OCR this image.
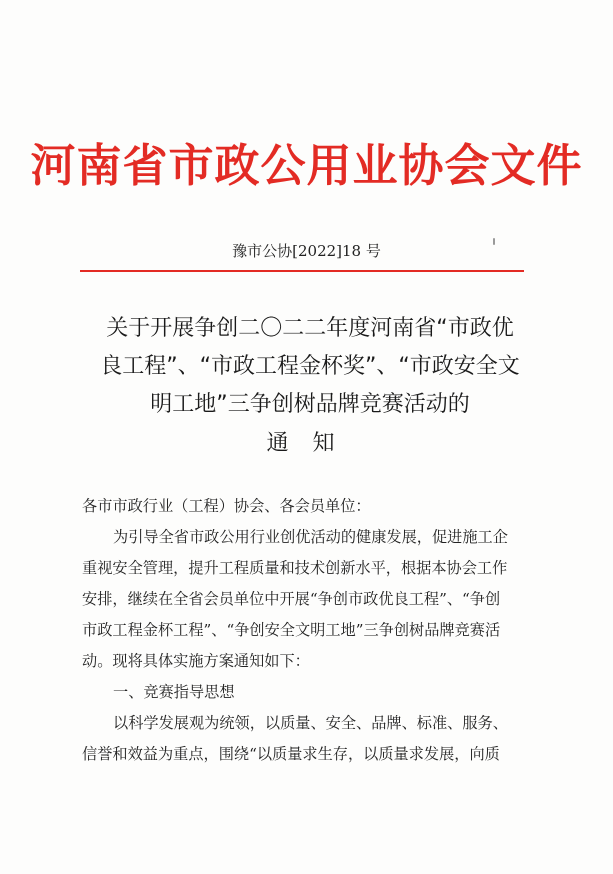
河南省市政公用业协会文件
豫市公协[2022]18 号
关于开展争创二〇二二年度河南省“市政优
良工程”、“市政工程金杯奖”、“市政安全文
明工地”三争创树品牌竞赛活动的
通知

各市市政行业（工程）协会、各会员单位：

为引导全省市政公用行业创优活动的健康发展，促进施工企

重视安全管理，提升工程质量和技术创新水平，根据本协会工作

安排，继续在全省会员单位中开展“争创市政优良工程”、“争创

市政工程金杯工程”、“争创安全文明工地”三争创树品牌竞赛活

动。现将具体实施方案通知如下：

一、竞赛指导思想

以科学发展观为统领，以质量、安全、品牌、标准、服务、

信誉和效益为重点，围绕“以质量求生存，以质量求发展，向质
